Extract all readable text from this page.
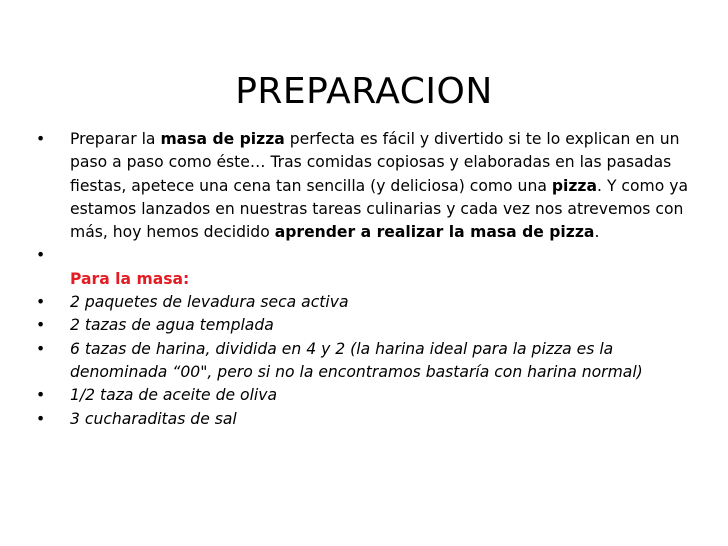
PREPARACION
•	Preparar la masa de pizza perfecta es fácil y divertido si te lo explican en un paso a paso como éste… Tras comidas copiosas y elaboradas en las pasadas fiestas, apetece una cena tan sencilla (y deliciosa) como una pizza. Y como ya estamos lanzados en nuestras tareas culinarias y cada vez nos atrevemos con más, hoy hemos decidido aprender a realizar la masa de pizza.
•

Para la masa:
•	2 paquetes de levadura seca activa
•	2 tazas de agua templada
•	6 tazas de harina, dividida en 4 y 2 (la harina ideal para la pizza es la denominada “00", pero si no la encontramos bastaría con harina normal)
•	1/2 taza de aceite de oliva
•	3 cucharaditas de sal
